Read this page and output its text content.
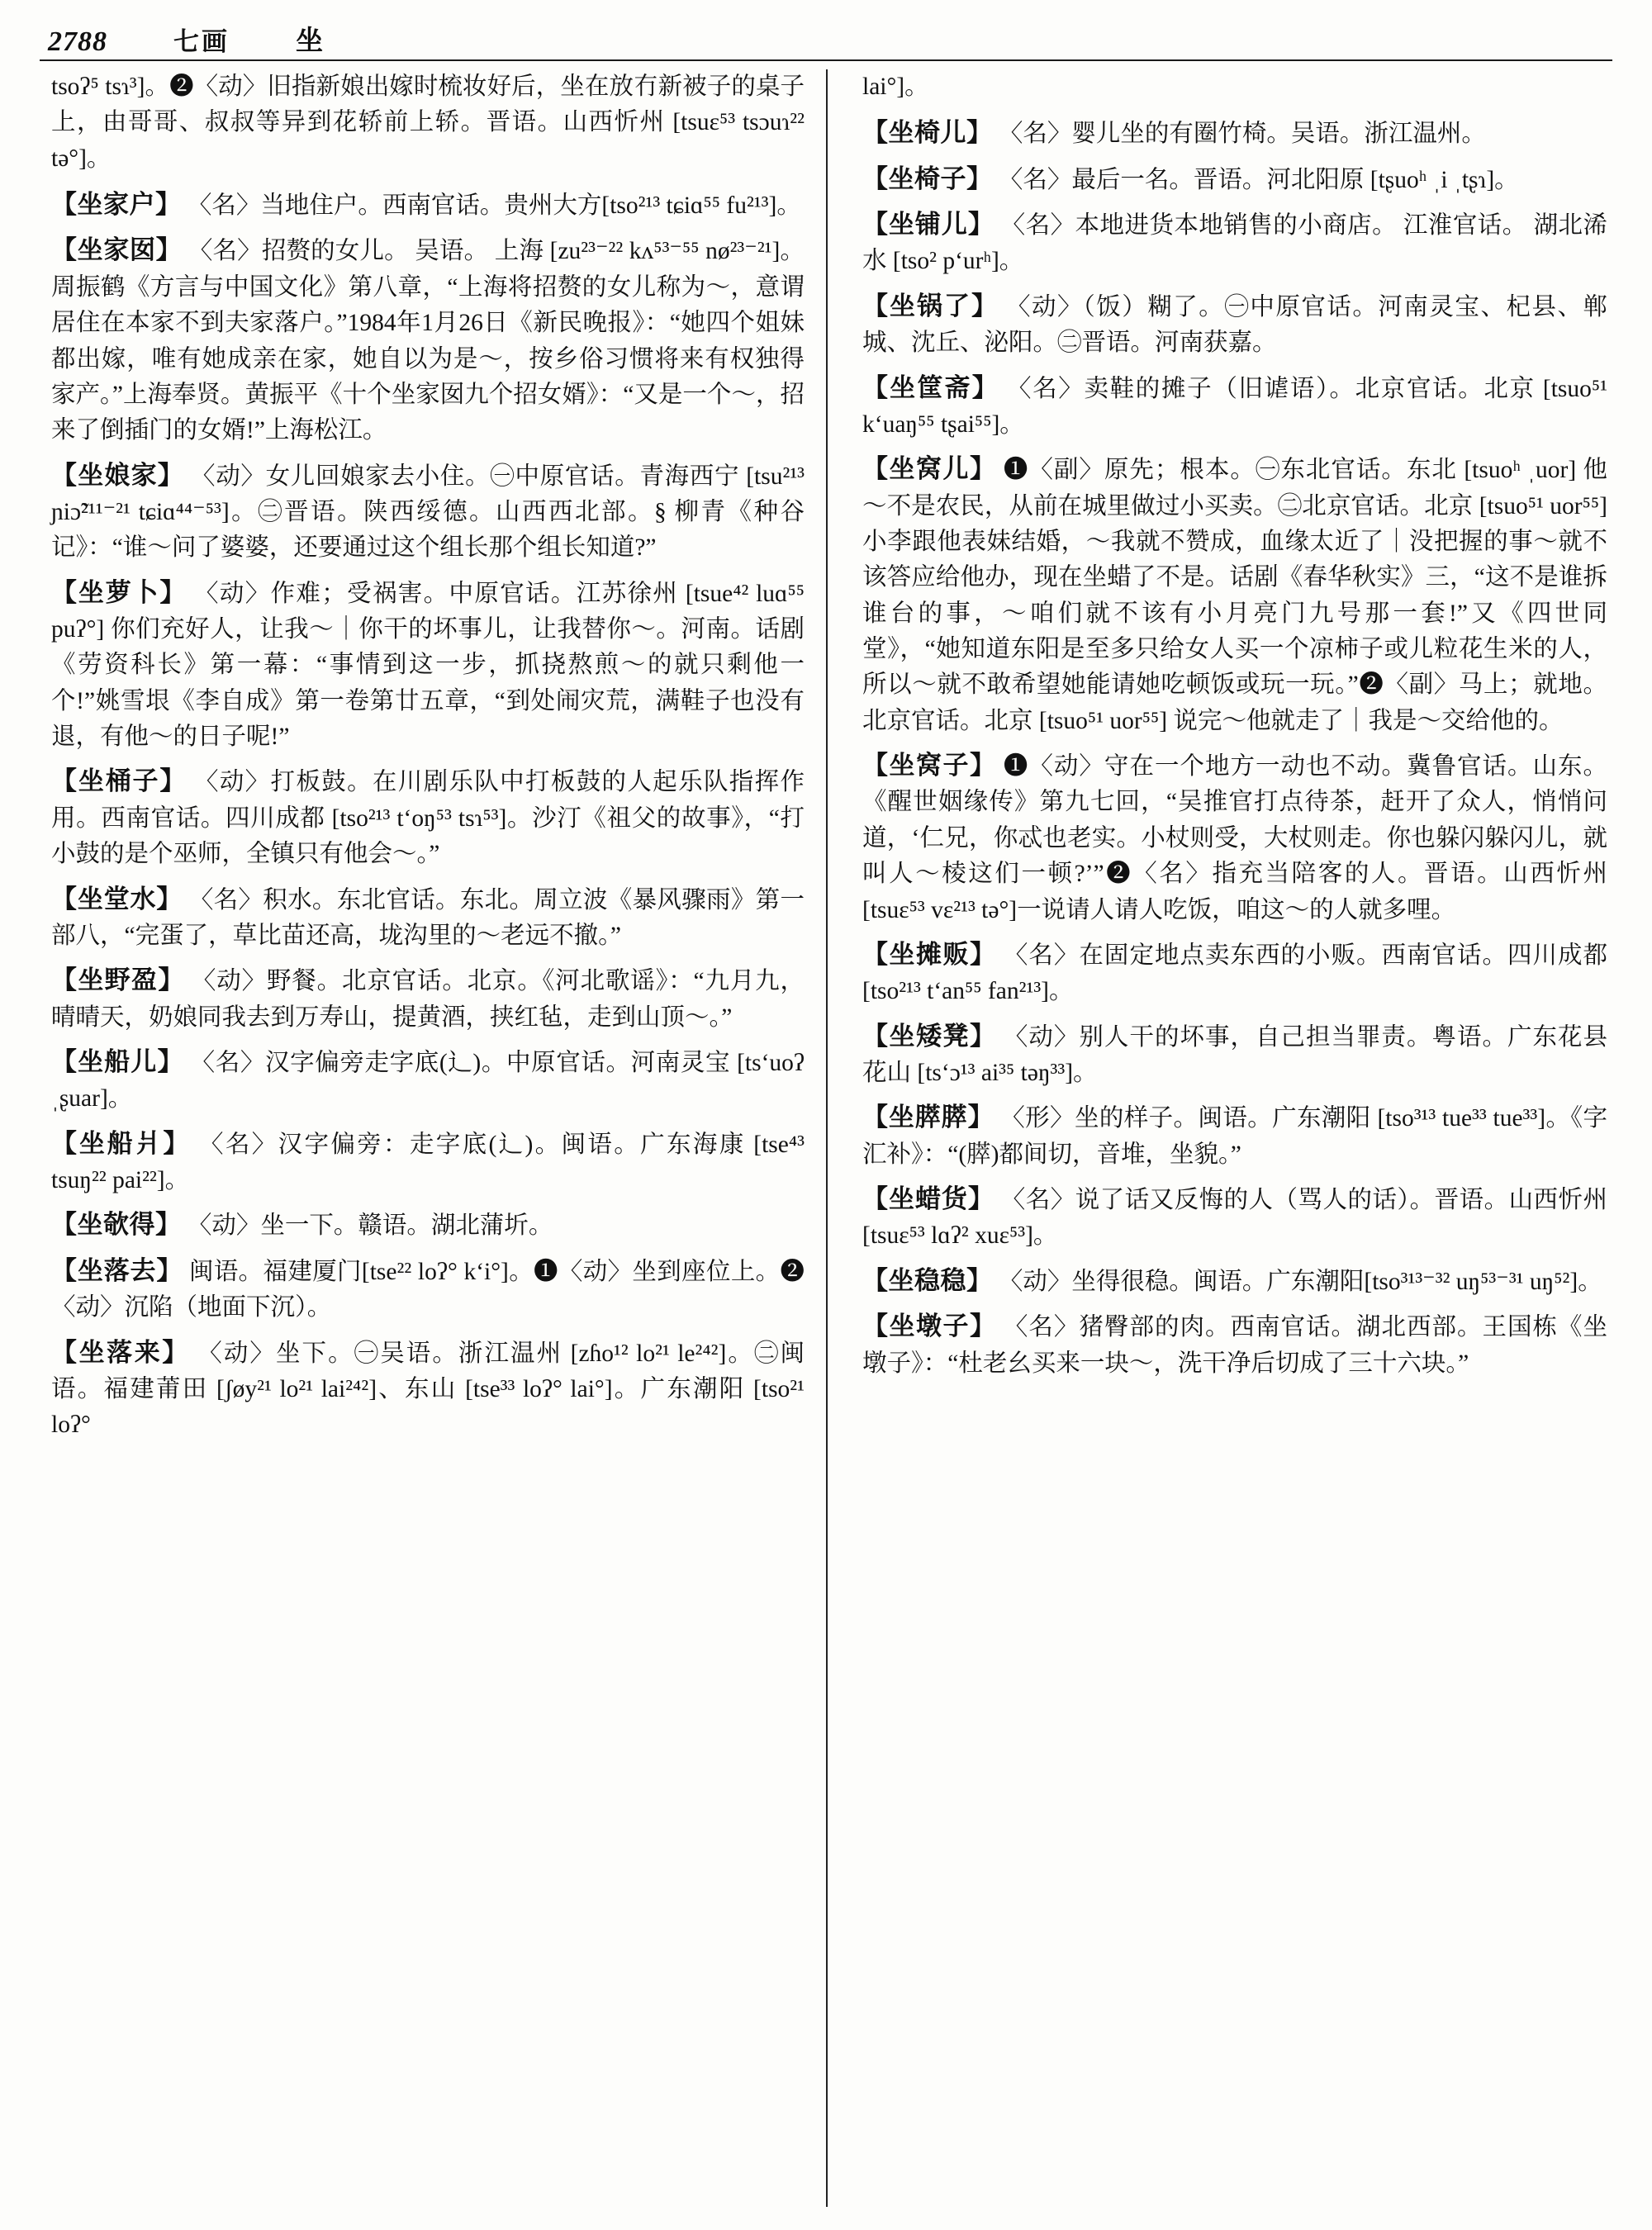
2788	七画 坐
tsoʔ⁵ tsɿ³]。❷〈动〉旧指新娘出嫁时梳妆好后，坐在放冇新被子的桌子上，由哥哥、叔叔等异到花轿前上轿。晋语。山西忻州 [tsuɛ⁵³ tsɔuɿ²² tə°]。
【坐家户】 〈名〉当地住户。西南官话。贵州大方[tso²¹³ tɕiɑ⁵⁵ fu²¹³]。
【坐家囡】 〈名〉招赘的女儿。 吴语。 上海 [zu²³⁻²² kʌ⁵³⁻⁵⁵ nø²³⁻²¹]。周振鹤《方言与中国文化》第八章，“上海将招赘的女儿称为～，意谓居住在本家不到夫家落户。”1984年1月26日《新民晚报》：“她四个姐妹都出嫁，唯有她成亲在家，她自以为是～，按乡俗习惯将来有权独得家产。”上海奉贤。黄振平《十个坐家囡九个招女婿》：“又是一个～，招来了倒插门的女婿!”上海松江。
【坐娘家】 〈动〉女儿回娘家去小住。㊀中原官话。青海西宁 [tsu²¹³ ɲiɔ̃²¹¹⁻²¹ tɕiɑ⁴⁴⁻⁵³]。㊁晋语。陕西绥德。山西西北部。§ 柳青《种谷记》：“谁～问了婆婆，还要通过这个组长那个组长知道?”
【坐萝卜】 〈动〉作难；受祸害。中原官话。江苏徐州 [tsue⁴² luɑ⁵⁵ puʔ°] 你们充好人，让我～｜你干的坏事儿，让我替你～。河南。话剧《劳资科长》第一幕：“事情到这一步，抓挠熬煎～的就只剩他一个!”姚雪垠《李自成》第一卷第廿五章，“到处闹灾荒，满鞋子也没有退，有他～的日子呢!”
【坐桶子】 〈动〉打板鼓。在川剧乐队中打板鼓的人起乐队指挥作用。西南官话。四川成都 [tso²¹³ tʻoŋ⁵³ tsɿ⁵³]。沙汀《祖父的故事》，“打小鼓的是个巫师，全镇只有他会～。”
【坐堂水】 〈名〉积水。东北官话。东北。周立波《暴风骤雨》第一部八，“完蛋了，草比苗还高，垅沟里的～老远不撤。”
【坐野盈】 〈动〉野餐。北京官话。北京。《河北歌谣》：“九月九，晴晴天，奶娘同我去到万寿山，提黄酒，挟红毡，走到山顶～。”
【坐船儿】 〈名〉汉字偏旁走字底(辶)。中原官话。河南灵宝 [tsʻuoʔ ˌʂuar]。
【坐船爿】 〈名〉汉字偏旁：走字底(辶)。闽语。广东海康 [tse⁴³ tsuŋ²² pai²²]。
【坐欹得】 〈动〉坐一下。赣语。湖北蒲圻。
【坐落去】 闽语。福建厦门[tse²² loʔ° kʻi°]。❶〈动〉坐到座位上。❷〈动〉沉陷（地面下沉）。
【坐落来】 〈动〉坐下。㊀吴语。浙江温州 [zɦo¹² lo²¹ le²⁴²]。㊁闽语。福建莆田 [ʃøy²¹ lo²¹ lai²⁴²]、东山 [tse³³ loʔ° lai°]。广东潮阳 [tso²¹ loʔ°
lai°]。
【坐椅儿】 〈名〉婴儿坐的有圈竹椅。吴语。浙江温州。
【坐椅子】 〈名〉最后一名。晋语。河北阳原 [tʂuoʰ ˌi ˌtʂɿ]。
【坐铺儿】 〈名〉本地进货本地销售的小商店。 江淮官话。 湖北浠水 [tso² pʻurʰ]。
【坐锅了】 〈动〉（饭）糊了。㊀中原官话。河南灵宝、杞县、郸城、沈丘、泌阳。㊁晋语。河南获嘉。
【坐筐斋】 〈名〉卖鞋的摊子（旧谑语）。北京官话。北京 [tsuo⁵¹ kʻuaŋ⁵⁵ tʂai⁵⁵]。
【坐窝儿】 ❶〈副〉原先；根本。㊀东北官话。东北 [tsuoʰ ˌuor] 他～不是农民，从前在城里做过小买卖。㊁北京官话。北京 [tsuo⁵¹ uor⁵⁵] 小李跟他表妹结婚，～我就不赞成，血缘太近了｜没把握的事～就不该答应给他办，现在坐蜡了不是。话剧《春华秋实》三，“这不是谁拆谁台的事，～咱们就不该有小月亮门九号那一套!”又《四世同堂》，“她知道东阳是至多只给女人买一个凉柿子或儿粒花生米的人，所以～就不敢希望她能请她吃顿饭或玩一玩。”❷〈副〉马上；就地。北京官话。北京 [tsuo⁵¹ uor⁵⁵] 说完～他就走了｜我是～交给他的。
【坐窝子】 ❶〈动〉守在一个地方一动也不动。冀鲁官话。山东。《醒世姻缘传》第九七回，“吴推官打点待茶，赶开了众人，悄悄问道，‘仁兄，你忒也老实。小杖则受，大杖则走。你也躲闪躲闪儿，就叫人～棱这们一顿?’”❷〈名〉指充当陪客的人。晋语。山西忻州 [tsuɛ⁵³ vɛ²¹³ tə°]一说请人请人吃饭，咱这～的人就多哩。
【坐摊贩】 〈名〉在固定地点卖东西的小贩。西南官话。四川成都 [tso²¹³ tʻan⁵⁵ fan²¹³]。
【坐矮凳】 〈动〉别人干的坏事，自己担当罪责。粤语。广东花县花山 [tsʻɔ¹³ ai³⁵ təŋ³³]。
【坐膵膵】 〈形〉坐的样子。闽语。广东潮阳 [tso³¹³ tue³³ tue³³]。《字汇补》：“(膵)都间切，音堆，坐貌。”
【坐蜡货】 〈名〉说了话又反悔的人（骂人的话）。晋语。山西忻州 [tsuɛ⁵³ lɑʔ² xuɛ⁵³]。
【坐稳稳】 〈动〉坐得很稳。闽语。广东潮阳[tso³¹³⁻³² uŋ⁵³⁻³¹ uŋ⁵²]。
【坐墩子】 〈名〉猪臀部的肉。西南官话。湖北西部。王国栋《坐墩子》：“杜老幺买来一块～，洗干净后切成了三十六块。”
